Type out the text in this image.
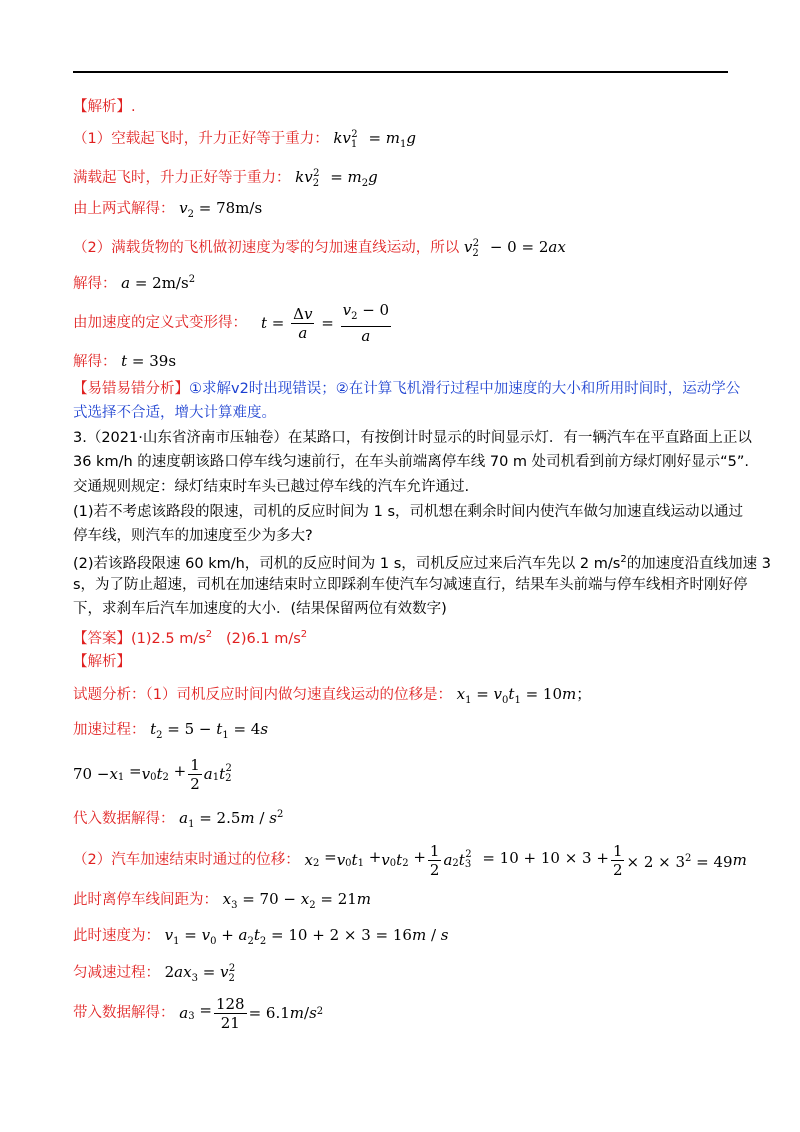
【解析】.
（1）空载起飞时，升力正好等于重力： $kv_1^2 = m_1g$
满载起飞时，升力正好等于重力： $kv_2^2 = m_2g$
由上两式解得： $v_2 = 78m/s$
（2）满载货物的飞机做初速度为零的匀加速直线运动，所以 $v_2^2 - 0 = 2ax$
解得： $a = 2m/s^2$
由加速度的定义式变形得： $t = \frac{\Delta v}{a} = \frac{v_2 - 0}{a}$
解得： t = 39s
【易错易错分析】①求解v2时出现错误；②在计算飞机滑行过程中加速度的大小和所用时间时，运动学公
式选择不合适，增大计算难度。
3.（2021·山东省济南市压轴卷）在某路口，有按倒计时显示的时间显示灯．有一辆汽车在平直路面上正以
36 km/h 的速度朝该路口停车线匀速前行，在车头前端离停车线 70 m 处司机看到前方绿灯刚好显示“5”.
交通规则规定：绿灯结束时车头已越过停车线的汽车允许通过.
(1)若不考虑该路段的限速，司机的反应时间为 1 s，司机想在剩余时间内使汽车做匀加速直线运动以通过
停车线，则汽车的加速度至少为多大?
(2)若该路段限速 60 km/h，司机的反应时间为 1 s，司机反应过来后汽车先以 2 $m/s^2$的加速度沿直线加速 3
s，为了防止超速，司机在加速结束时立即踩刹车使汽车匀减速直行，结果车头前端与停车线相齐时刚好停
下，求刹车后汽车加速度的大小．(结果保留两位有效数字)
【答案】(1)2.5 $m/s^2$ (2)6.1 $m/s^2$
【解析】
试题分析：（1）司机反应时间内做匀速直线运动的位移是： $x_1 = v_0t_1 = 10m$；
加速过程： $t_2 = 5 - t_1 = 4s$
70 − x $_1$ = v $_0$ t $_2 + \frac{1}{2}$ a $_1$ t $_2^2$
代入数据解得： $a_1 = 2.5m / s^2$
（2）汽车加速结束时通过的位移： x $_2$ = v $_0$ t $_1$ + v $_0$ t $_2 + \frac{1}{2}$ a $_2$ t $_3^2 = 10 + 10 \times 3 + \frac{1}{2} \times 2 \times 3^2 = 49$ m
此时离停车线间距为： $x_3 = 70 - x_2 = 21m$
此时速度为： $v_1 = v_0 + a_2t_2 = 10 + 2 \times 3 = 16m / s$
匀减速过程： $2ax_3 = v_2^2$
带入数据解得： a $_3 = \frac{128}{21} = 6.1$ m / s $^2$
